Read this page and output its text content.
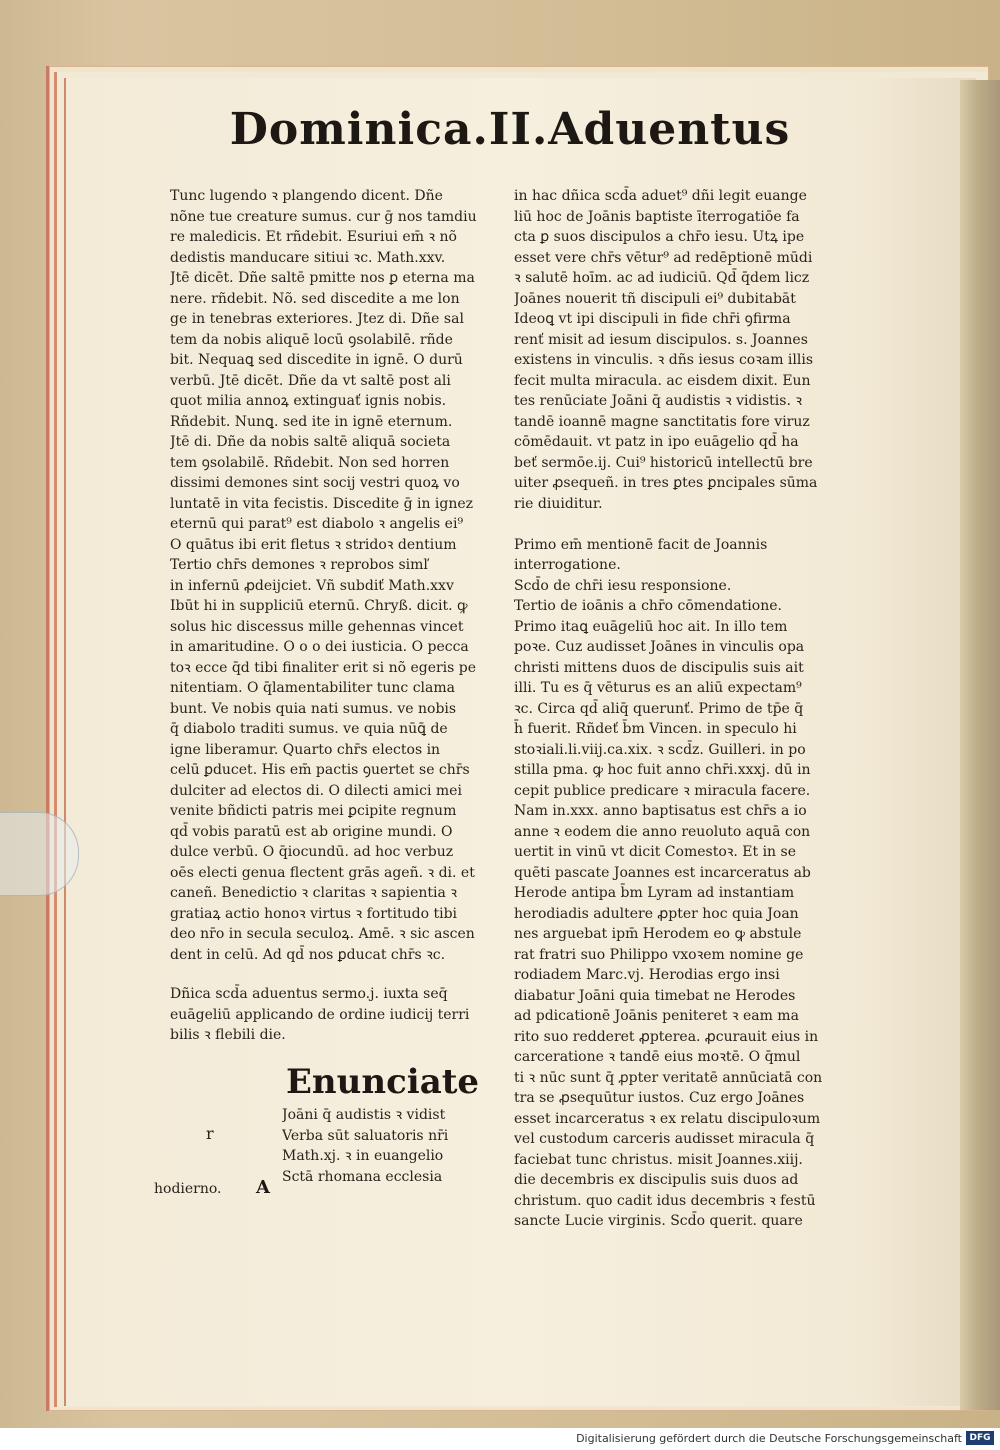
Dominica.II.Aduentus
Tunc lugendo ꝛ plangendo dicent. Dñe
nõne tue creature sumus. cur ḡ nos tamdiu
re maledicis. Et rñdebit. Esuriui em̄ ꝛ nõ
dedistis manducare sitiui ꝛc. Math.xxv.
Jtē dicēt. Dñe saltē pmitte nos ꝑ eterna ma
nere. rñdebit. Nõ. sed discedite a me lon
ge in tenebras exteriores. Jtez di. Dñe sal
tem da nobis aliquē locū ꝯsolabilē. rñde
bit. Nequaꝗ sed discedite in ignē. O durū
verbū. Jtē dicēt. Dñe da vt saltē post ali
quot milia annoꝝ extinguať ignis nobis.
Rñdebit. Nunꝗ. sed ite in ignē eternum.
Jtē di. Dñe da nobis saltē aliquā societa
tem ꝯsolabilē. Rñdebit. Non sed horren
dissimi demones sint socij vestri quoꝝ vo
luntatē in vita fecistis. Discedite ḡ in ignez
eternū qui parat⁹ est diabolo ꝛ angelis ei⁹
O quātus ibi erit fletus ꝛ stridoꝛ dentium
Tertio chr̄s demones ꝛ reprobos simľ
in infernū ꝓdeijciet. Vñ subdiť Math.xxv
Ibūt hi in suppliciū eternū. Chryß. dicit. ꝙ
solus hic discessus mille gehennas vincet
in amaritudine. O o o dei iusticia. O pecca
toꝛ ecce q̄d tibi finaliter erit si nõ egeris pe
nitentiam. O q̄lamentabiliter tunc clama
bunt. Ve nobis quia nati sumus. ve nobis
q̄ diabolo traditi sumus. ve quia nūꝗ̄ de
igne liberamur. Quarto chr̄s electos in
celū ꝑducet. His em̄ pactis ꝯuertet se chr̄s
dulciter ad electos di. O dilecti amici mei
venite bñdicti patris mei ꝑcipite regnum
qd̄ vobis paratū est ab origine mundi. O
dulce verbū. O q̄iocundū. ad hoc verbuz
oēs electi genua flectent grās ageñ. ꝛ di. et
caneñ. Benedictio ꝛ claritas ꝛ sapientia ꝛ
gratiaꝝ actio honoꝛ virtus ꝛ fortitudo tibi
deo nr̄o in secula seculoꝝ. Amē. ꝛ sic ascen
dent in celū. Ad qd̄ nos ꝑducat chr̄s ꝛc.
in hac dñica scd̄a aduet⁹ dñi legit euange
liū hoc de Joānis baptiste īterrogatiōe fa
cta ꝑ suos discipulos a chr̄o iesu. Utꝝ ipe
esset vere chr̄s vētur⁹ ad redēptionē mūdi
ꝛ salutē hoīm. ac ad iudiciū. Qd̄ q̄dem licz
Joānes nouerit tñ discipuli ei⁹ dubitabāt
Ideoꝗ vt ipi discipuli in fide chr̄i ꝯfirma
renť misit ad iesum discipulos. s. Joannes
existens in vinculis. ꝛ dñs iesus coꝛam illis
fecit multa miracula. ac eisdem dixit. Eun
tes renūciate Joāni q̄ audistis ꝛ vidistis. ꝛ
tandē ioannē magne sanctitatis fore viruz
cōmēdauit. vt patz in ipo euāgelio qd̄ ha
beť sermōe.ij. Cui⁹ historicū intellectū bre
uiter ꝓsequeñ. in tres ꝑtes ꝑncipales sūma
rie diuiditur.
Primo em̄ mentionē facit de Joannis
interrogatione.
Scd̄o de chr̄i iesu responsione.
Tertio de ioānis a chr̄o cōmendatione.
Primo itaꝗ euāgeliū hoc ait. In illo tem
poꝛe. Cuz audisset Joānes in vinculis opa
christi mittens duos de discipulis suis ait
illi. Tu es q̄ vēturus es an aliū expectam⁹
ꝛc. Circa qd̄ aliq̄ querunť. Primo de tp̄e q̄
h̄ fuerit. Rñdeť b̄m Vincen. in speculo hi
stoꝛiali.li.viij.ca.xix. ꝛ scd̄z. Guilleri. in po
stilla pma. ꝙ hoc fuit anno chr̄i.xxxj. dū in
cepit publice predicare ꝛ miracula facere.
Nam in.xxx. anno baptisatus est chr̄s a io
anne ꝛ eodem die anno reuoluto aquā con
uertit in vinū vt dicit Comestoꝛ. Et in se
quēti pascate Joannes est incarceratus ab
Herode antipa b̄m Lyram ad instantiam
herodiadis adultere ꝓpter hoc quia Joan
nes arguebat ipm̄ Herodem eo ꝙ abstule
rat fratri suo Philippo vxoꝛem nomine ge
rodiadem Marc.vj. Herodias ergo insi
diabatur Joāni quia timebat ne Herodes
ad pdicationē Joānis peniteret ꝛ eam ma
rito suo redderet ꝓpterea. ꝓcurauit eius in
carceratione ꝛ tandē eius moꝛtē. O q̄mul
ti ꝛ nūc sunt q̄ ꝓpter veritatē annūciatā con
tra se ꝓsequūtur iustos. Cuz ergo Joānes
esset incarceratus ꝛ ex relatu discipuloꝛum
vel custodum carceris audisset miracula q̄
faciebat tunc christus. misit Joannes.xiij.
die decembris ex discipulis suis duos ad
christum. quo cadit idus decembris ꝛ festū
sancte Lucie virginis. Scd̄o querit. quare
Dñica scd̄a aduentus sermo.j. iuxta seq̄
euāgeliū applicando de ordine iudicij terri
bilis ꝛ flebili die.
Enunciate
r
Joāni q̄ audistis ꝛ vidist
Verba sūt saluatoris nr̄i
Math.xj. ꝛ in euangelio
Sctā rhomana ecclesia
hodierno. A
Digitalisierung gefördert durch die Deutsche Forschungsgemeinschaft DFG
